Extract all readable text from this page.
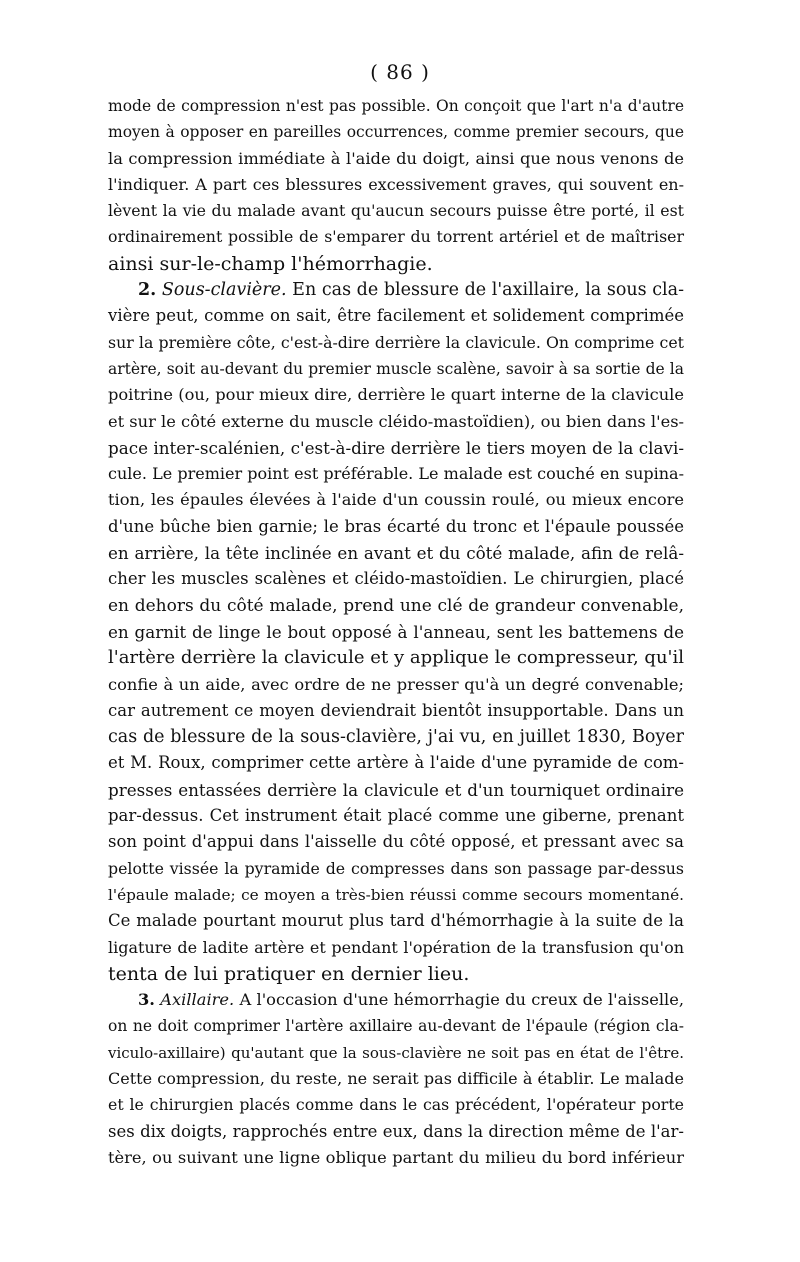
( 86 )
mode de compression n'est pas possible. On conçoit que l'art n'a d'autre
moyen à opposer en pareilles occurrences, comme premier secours, que
la compression immédiate à l'aide du doigt, ainsi que nous venons de
l'indiquer. A part ces blessures excessivement graves, qui souvent en-
lèvent la vie du malade avant qu'aucun secours puisse être porté, il est
ordinairement possible de s'emparer du torrent artériel et de maîtriser
ainsi sur-le-champ l'hémorrhagie.
2. Sous-clavière. En cas de blessure de l'axillaire, la sous cla-
vière peut, comme on sait, être facilement et solidement comprimée
sur la première côte, c'est-à-dire derrière la clavicule. On comprime cet
artère, soit au-devant du premier muscle scalène, savoir à sa sortie de la
poitrine (ou, pour mieux dire, derrière le quart interne de la clavicule
et sur le côté externe du muscle cléido-mastoïdien), ou bien dans l'es-
pace inter-scalénien, c'est-à-dire derrière le tiers moyen de la clavi-
cule. Le premier point est préférable. Le malade est couché en supina-
tion, les épaules élevées à l'aide d'un coussin roulé, ou mieux encore
d'une bûche bien garnie; le bras écarté du tronc et l'épaule poussée
en arrière, la tête inclinée en avant et du côté malade, afin de relâ-
cher les muscles scalènes et cléido-mastoïdien. Le chirurgien, placé
en dehors du côté malade, prend une clé de grandeur convenable,
en garnit de linge le bout opposé à l'anneau, sent les battemens de
l'artère derrière la clavicule et y applique le compresseur, qu'il
confie à un aide, avec ordre de ne presser qu'à un degré convenable;
car autrement ce moyen deviendrait bientôt insupportable. Dans un
cas de blessure de la sous-clavière, j'ai vu, en juillet 1830, Boyer
et M. Roux, comprimer cette artère à l'aide d'une pyramide de com-
presses entassées derrière la clavicule et d'un tourniquet ordinaire
par-dessus. Cet instrument était placé comme une giberne, prenant
son point d'appui dans l'aisselle du côté opposé, et pressant avec sa
pelotte vissée la pyramide de compresses dans son passage par-dessus
l'épaule malade; ce moyen a très-bien réussi comme secours momentané.
Ce malade pourtant mourut plus tard d'hémorrhagie à la suite de la
ligature de ladite artère et pendant l'opération de la transfusion qu'on
tenta de lui pratiquer en dernier lieu.
3. Axillaire. A l'occasion d'une hémorrhagie du creux de l'aisselle,
on ne doit comprimer l'artère axillaire au-devant de l'épaule (région cla-
viculo-axillaire) qu'autant que la sous-clavière ne soit pas en état de l'être.
Cette compression, du reste, ne serait pas difficile à établir. Le malade
et le chirurgien placés comme dans le cas précédent, l'opérateur porte
ses dix doigts, rapprochés entre eux, dans la direction même de l'ar-
tère, ou suivant une ligne oblique partant du milieu du bord inférieur
